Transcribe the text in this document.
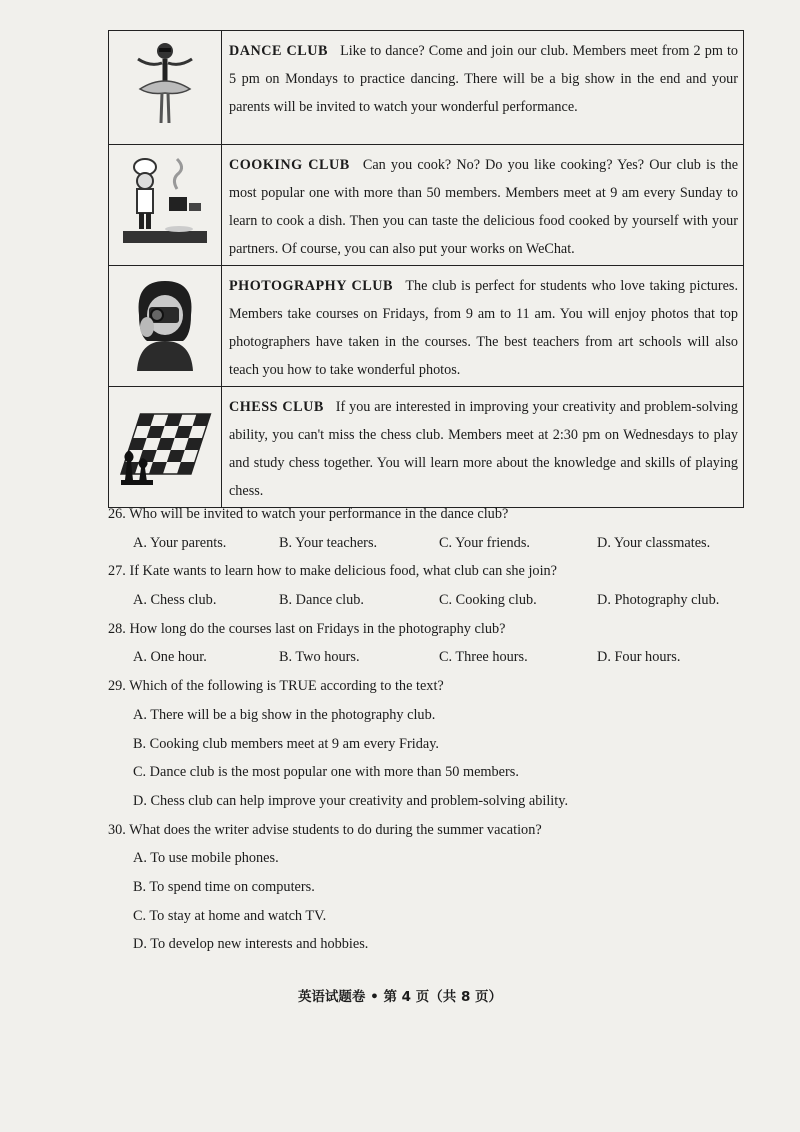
	DANCE CLUB Like to dance? Come and join our club. Members meet from 2 pm to 5 pm on Mondays to practice dancing. There will be a big show in the end and your parents will be invited to watch your wonderful performance.
	COOKING CLUB Can you cook? No? Do you like cooking? Yes? Our club is the most popular one with more than 50 members. Members meet at 9 am every Sunday to learn to cook a dish. Then you can taste the delicious food cooked by yourself with your partners. Of course, you can also put your works on WeChat.
	PHOTOGRAPHY CLUB The club is perfect for students who love taking pictures. Members take courses on Fridays, from 9 am to 11 am. You will enjoy photos that top photographers have taken in the courses. The best teachers from art schools will also teach you how to take wonderful photos.
	CHESS CLUB If you are interested in improving your creativity and problem-solving ability, you can't miss the chess club. Members meet at 2:30 pm on Wednesdays to play and study chess together. You will learn more about the knowledge and skills of playing chess.

26. Who will be invited to watch your performance in the dance club?

A. Your parents.	B. Your teachers.	C. Your friends.	D. Your classmates.

27. If Kate wants to learn how to make delicious food, what club can she join?

A. Chess club.	B. Dance club.	C. Cooking club.	D. Photography club.

28. How long do the courses last on Fridays in the photography club?

A. One hour.	B. Two hours.	C. Three hours.	D. Four hours.

29. Which of the following is TRUE according to the text?

A. There will be a big show in the photography club.
B. Cooking club members meet at 9 am every Friday.
C. Dance club is the most popular one with more than 50 members.
D. Chess club can help improve your creativity and problem-solving ability.

30. What does the writer advise students to do during the summer vacation?

A. To use mobile phones.
B. To spend time on computers.
C. To stay at home and watch TV.
D. To develop new interests and hobbies.
英语试题卷 • 第 4 页（共 8 页）
